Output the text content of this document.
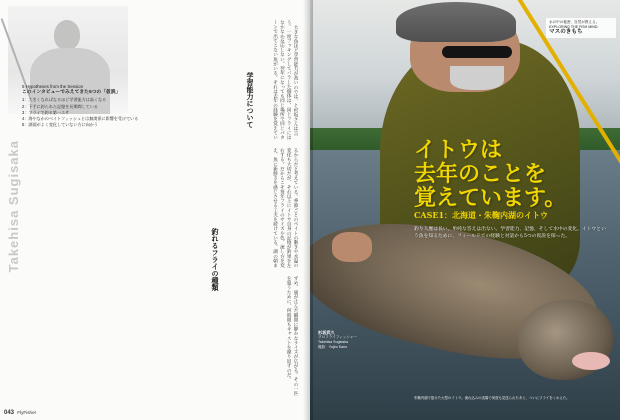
5 Hypotheses from the Session
このインタビューでみえてきた5つの「仮説」
1：大きくなればなるほど学習能力は高くなる
2：下手に釣られた記憶を長期間している
3：フライで釣る第一エサ
4：海やなかのベイトフィッシュとは無関係に影響を受けている
5：湖面がよく変化していない方に向かう
Takehisa Sugisaka

大きな魚ほど学習能力が高いのでは、と杉坂さんは言う。一度フッキングしてバラした個体は、同じフライにはなかなか反応しない。翌年になっても同じ場所で同じパターンで出てこない魚がいる。それは去年の経験を覚えているからだと考えている。季節ごとのベイトの動きや水温の変化も大切だが、それ以上にイトウ自身の記憶が釣果を左右する。だからこそ毎年フライのサイズや色、流し方を変え、魚に新鮮さを感じさせる工夫を続けている。湖の朝まずめ、風が止んだ瞬間に静かなライズが広がる。その一匹を狙うために、何時間もキャストを繰り返すのだ。

学習能力について
釣れるフライの種類
043 FlyFisher
水の中の秘密、自然が教える。EXPLORING THE FISH MIND.
マスのきもち
イトウは
去年のことを
覚えています。
CASE1：北海道・朱鞠内湖のイトウ
釣り人歴は長い。単純な答えは出ない。学習能力、記憶、そして水中の変化。イトウという魚を知るために、フィールドでの経験と対話から5つの仮説を探った。
杉坂武久
プロフライフィッシャー
Takehisa Sugisaka
撮影：Yujiro Kano
朱鞠内湖で掛けた大型のイトウ。流れ込みの浅場で何度も見送られたあと、ついにフライをくわえた。
